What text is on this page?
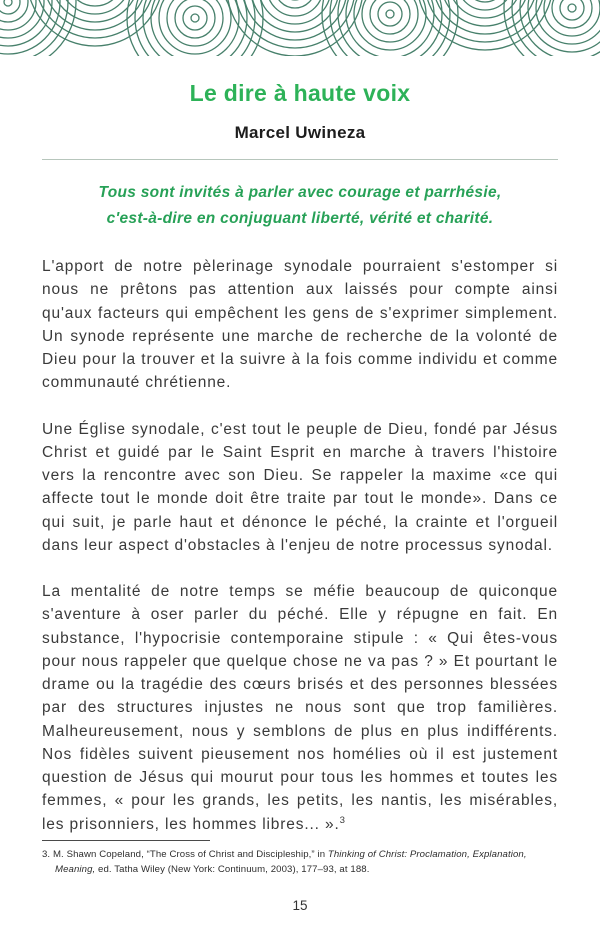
Le dire à haute voix
Marcel Uwineza
Tous sont invités à parler avec courage et parrhésie,
c'est-à-dire en conjuguant liberté, vérité et charité.

L'apport de notre pèlerinage synodale pourraient s'estomper si nous ne prêtons pas attention aux laissés pour compte ainsi qu'aux facteurs qui empêchent les gens de s'exprimer simplement. Un synode représente une marche de recherche de la volonté de Dieu pour la trouver et la suivre à la fois comme individu et comme communauté chrétienne.

Une Église synodale, c'est tout le peuple de Dieu, fondé par Jésus Christ et guidé par le Saint Esprit en marche à travers l'histoire vers la rencontre avec son Dieu. Se rappeler la maxime «ce qui affecte tout le monde doit être traite par tout le monde». Dans ce qui suit, je parle haut et dénonce le péché, la crainte et l'orgueil dans leur aspect d'obstacles à l'enjeu de notre processus synodal.

La mentalité de notre temps se méfie beaucoup de quiconque s'aventure à oser parler du péché. Elle y répugne en fait. En substance, l'hypocrisie contemporaine stipule : « Qui êtes-vous pour nous rappeler que quelque chose ne va pas ? » Et pourtant le drame ou la tragédie des cœurs brisés et des personnes blessées par des structures injustes ne nous sont que trop familières. Malheureusement, nous y semblons de plus en plus indifférents. Nos fidèles suivent pieusement nos homélies où il est justement question de Jésus qui mourut pour tous les hommes et toutes les femmes, « pour les grands, les petits, les nantis, les misérables, les prisonniers, les hommes libres... ».$^3$

3. M. Shawn Copeland, “The Cross of Christ and Discipleship,” in Thinking of Christ: Proclamation, Explanation, Meaning, ed. Tatha Wiley (New York: Continuum, 2003), 177–93, at 188.

15
